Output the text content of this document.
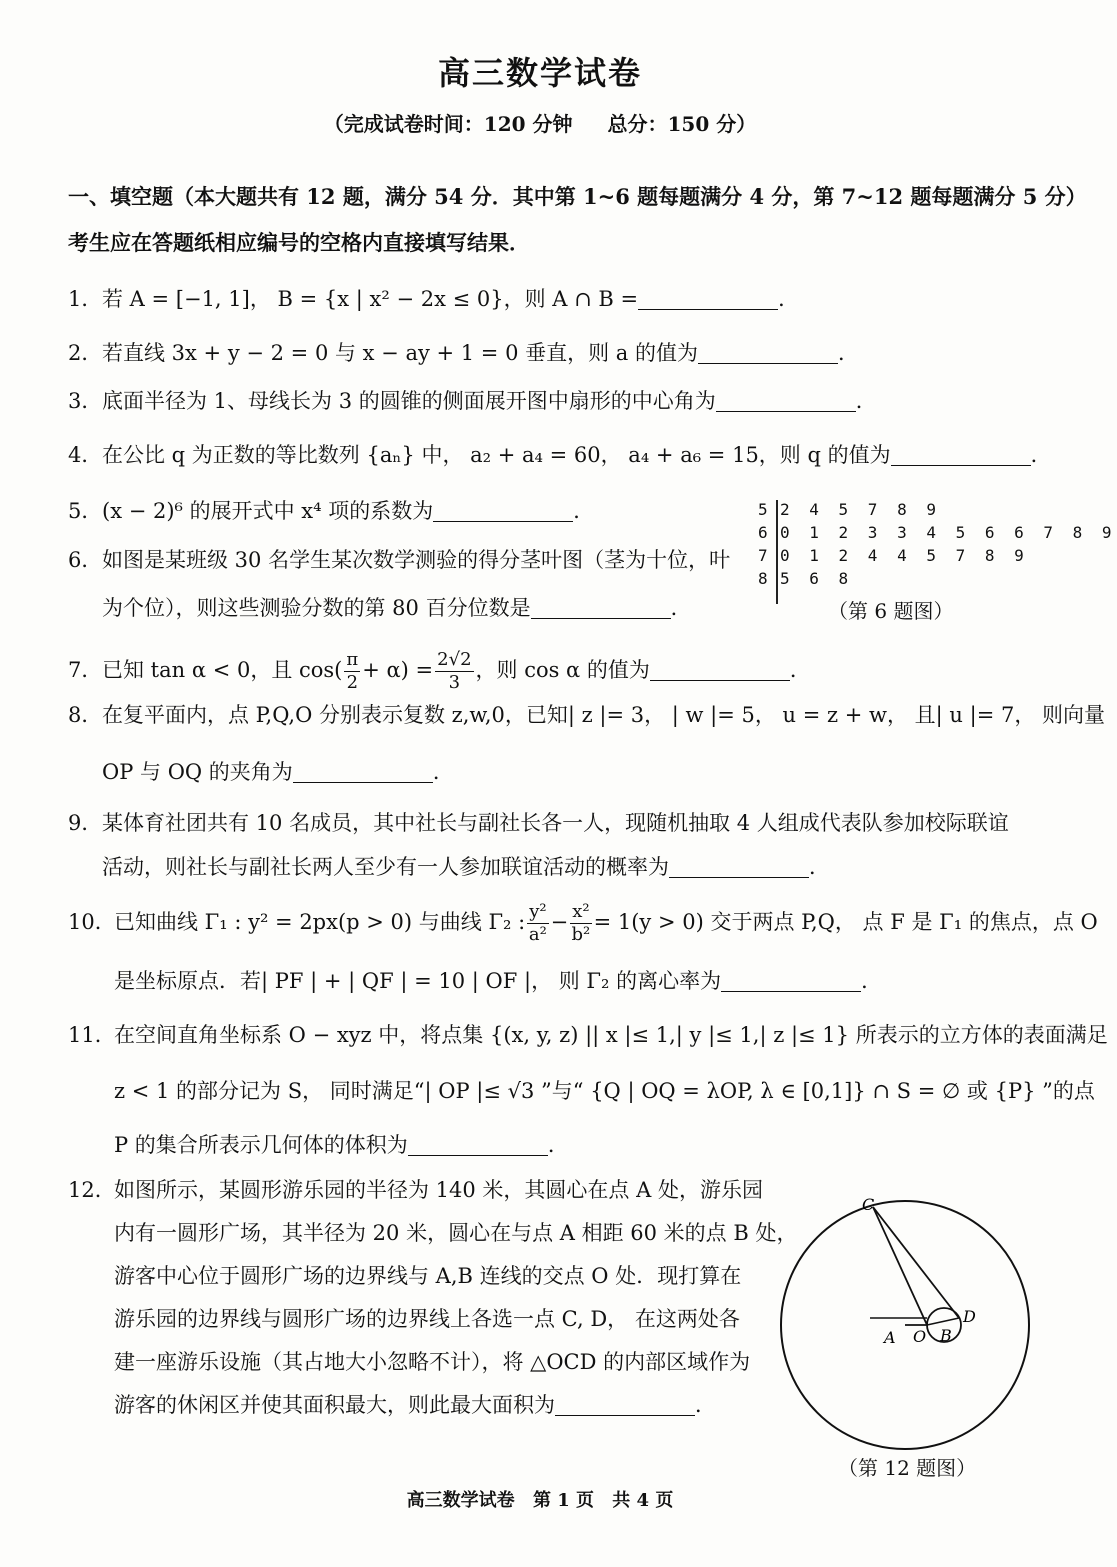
高三数学试卷
（完成试卷时间：120 分钟 总分：150 分）
一、填空题（本大题共有 12 题，满分 54 分．其中第 1~6 题每题满分 4 分，第 7~12 题每题满分 5 分）
考生应在答题纸相应编号的空格内直接填写结果．
1．若 A = [−1, 1]， B = {x | x² − 2x ≤ 0}，则 A ∩ B =	．
2．若直线 3x + y − 2 = 0 与 x − ay + 1 = 0 垂直，则 a 的值为	．
3．底面半径为 1、母线长为 3 的圆锥的侧面展开图中扇形的中心角为	．
4．在公比 q 为正数的等比数列 {aₙ} 中， a₂ + a₄ = 60， a₄ + a₆ = 15，则 q 的值为	．
5．(x − 2)⁶ 的展开式中 x⁴ 项的系数为	．
6．如图是某班级 30 名学生某次数学测验的得分茎叶图（茎为十位，叶
为个位），则这些测验分数的第 80 百分位数是	．
5 2 4 5 7 8 9
6 0 1 2 3 3 4 5 6 6 7 8 9
7 0 1 2 4 4 5 7 8 9
8 5 6 8
（第 6 题图）
7．已知 tan α < 0，且 $\cos( \frac{\pi}{2} + \alpha) = \frac{2√2}{3}$ ，则 cos α 的值为	．
8．在复平面内，点 P,Q,O 分别表示复数 z,w,0，已知| z |= 3， | w |= 5， u = z + w， 且| u |= 7， 则向量
OP 与 OQ 的夹角为	．
9．某体育社团共有 10 名成员，其中社长与副社长各一人，现随机抽取 4 人组成代表队参加校际联谊
活动，则社长与副社长两人至少有一人参加联谊活动的概率为	．
10．已知曲线 Γ₁ : y² = 2px(p > 0) 与曲线 Γ₂ : $\frac{\text{y²}}{\text{a²}} - \frac{\text{x²}}{\text{b²}} = 1(y > 0)$ 交于两点 P,Q， 点 F 是 Γ₁ 的焦点，点 O
是坐标原点．若| PF | + | QF | = 10 | OF |， 则 Γ₂ 的离心率为	．
11．在空间直角坐标系 O − xyz 中，将点集 {(x, y, z) || x |≤ 1,| y |≤ 1,| z |≤ 1} 所表示的立方体的表面满足
z < 1 的部分记为 S， 同时满足“| OP |≤ √3 ”与“ {Q | OQ = λOP, λ ∈ [0,1]} ∩ S = ∅ 或 {P} ”的点
P 的集合所表示几何体的体积为	．
12．如图所示，某圆形游乐园的半径为 140 米，其圆心在点 A 处，游乐园
内有一圆形广场，其半径为 20 米，圆心在与点 A 相距 60 米的点 B 处，
游客中心位于圆形广场的边界线与 A,B 连线的交点 O 处．现打算在
游乐园的边界线与圆形广场的边界线上各选一点 C, D， 在这两处各
建一座游乐设施（其占地大小忽略不计），将 △OCD 的内部区域作为
游客的休闲区并使其面积最大，则此最大面积为	．
C
D
A O B
（第 12 题图）
高三数学试卷 第 1 页 共 4 页
